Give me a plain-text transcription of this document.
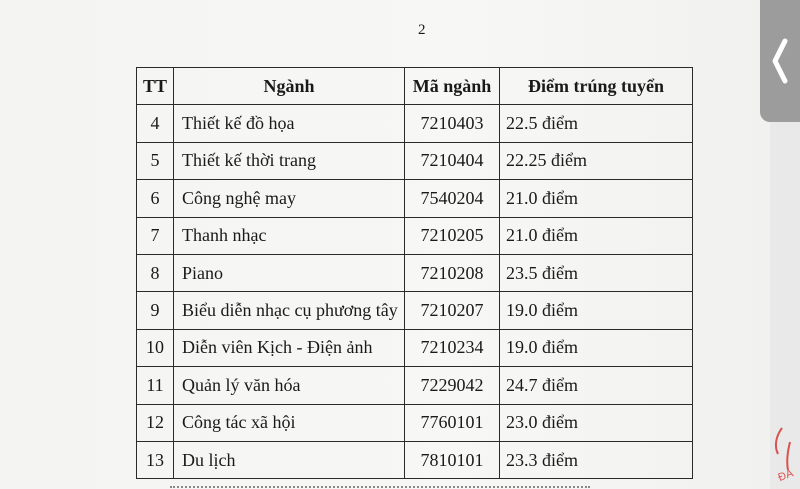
2
TT	Ngành	Mã ngành	Điểm trúng tuyển
4	Thiết kế đồ họa	7210403	22.5 điểm
5	Thiết kế thời trang	7210404	22.25 điểm
6	Công nghệ may	7540204	21.0 điểm
7	Thanh nhạc	7210205	21.0 điểm
8	Piano	7210208	23.5 điểm
9	Biểu diễn nhạc cụ phương tây	7210207	19.0 điểm
10	Diễn viên Kịch - Điện ảnh	7210234	19.0 điểm
11	Quản lý văn hóa	7229042	24.7 điểm
12	Công tác xã hội	7760101	23.0 điểm
13	Du lịch	7810101	23.3 điểm
ĐA
